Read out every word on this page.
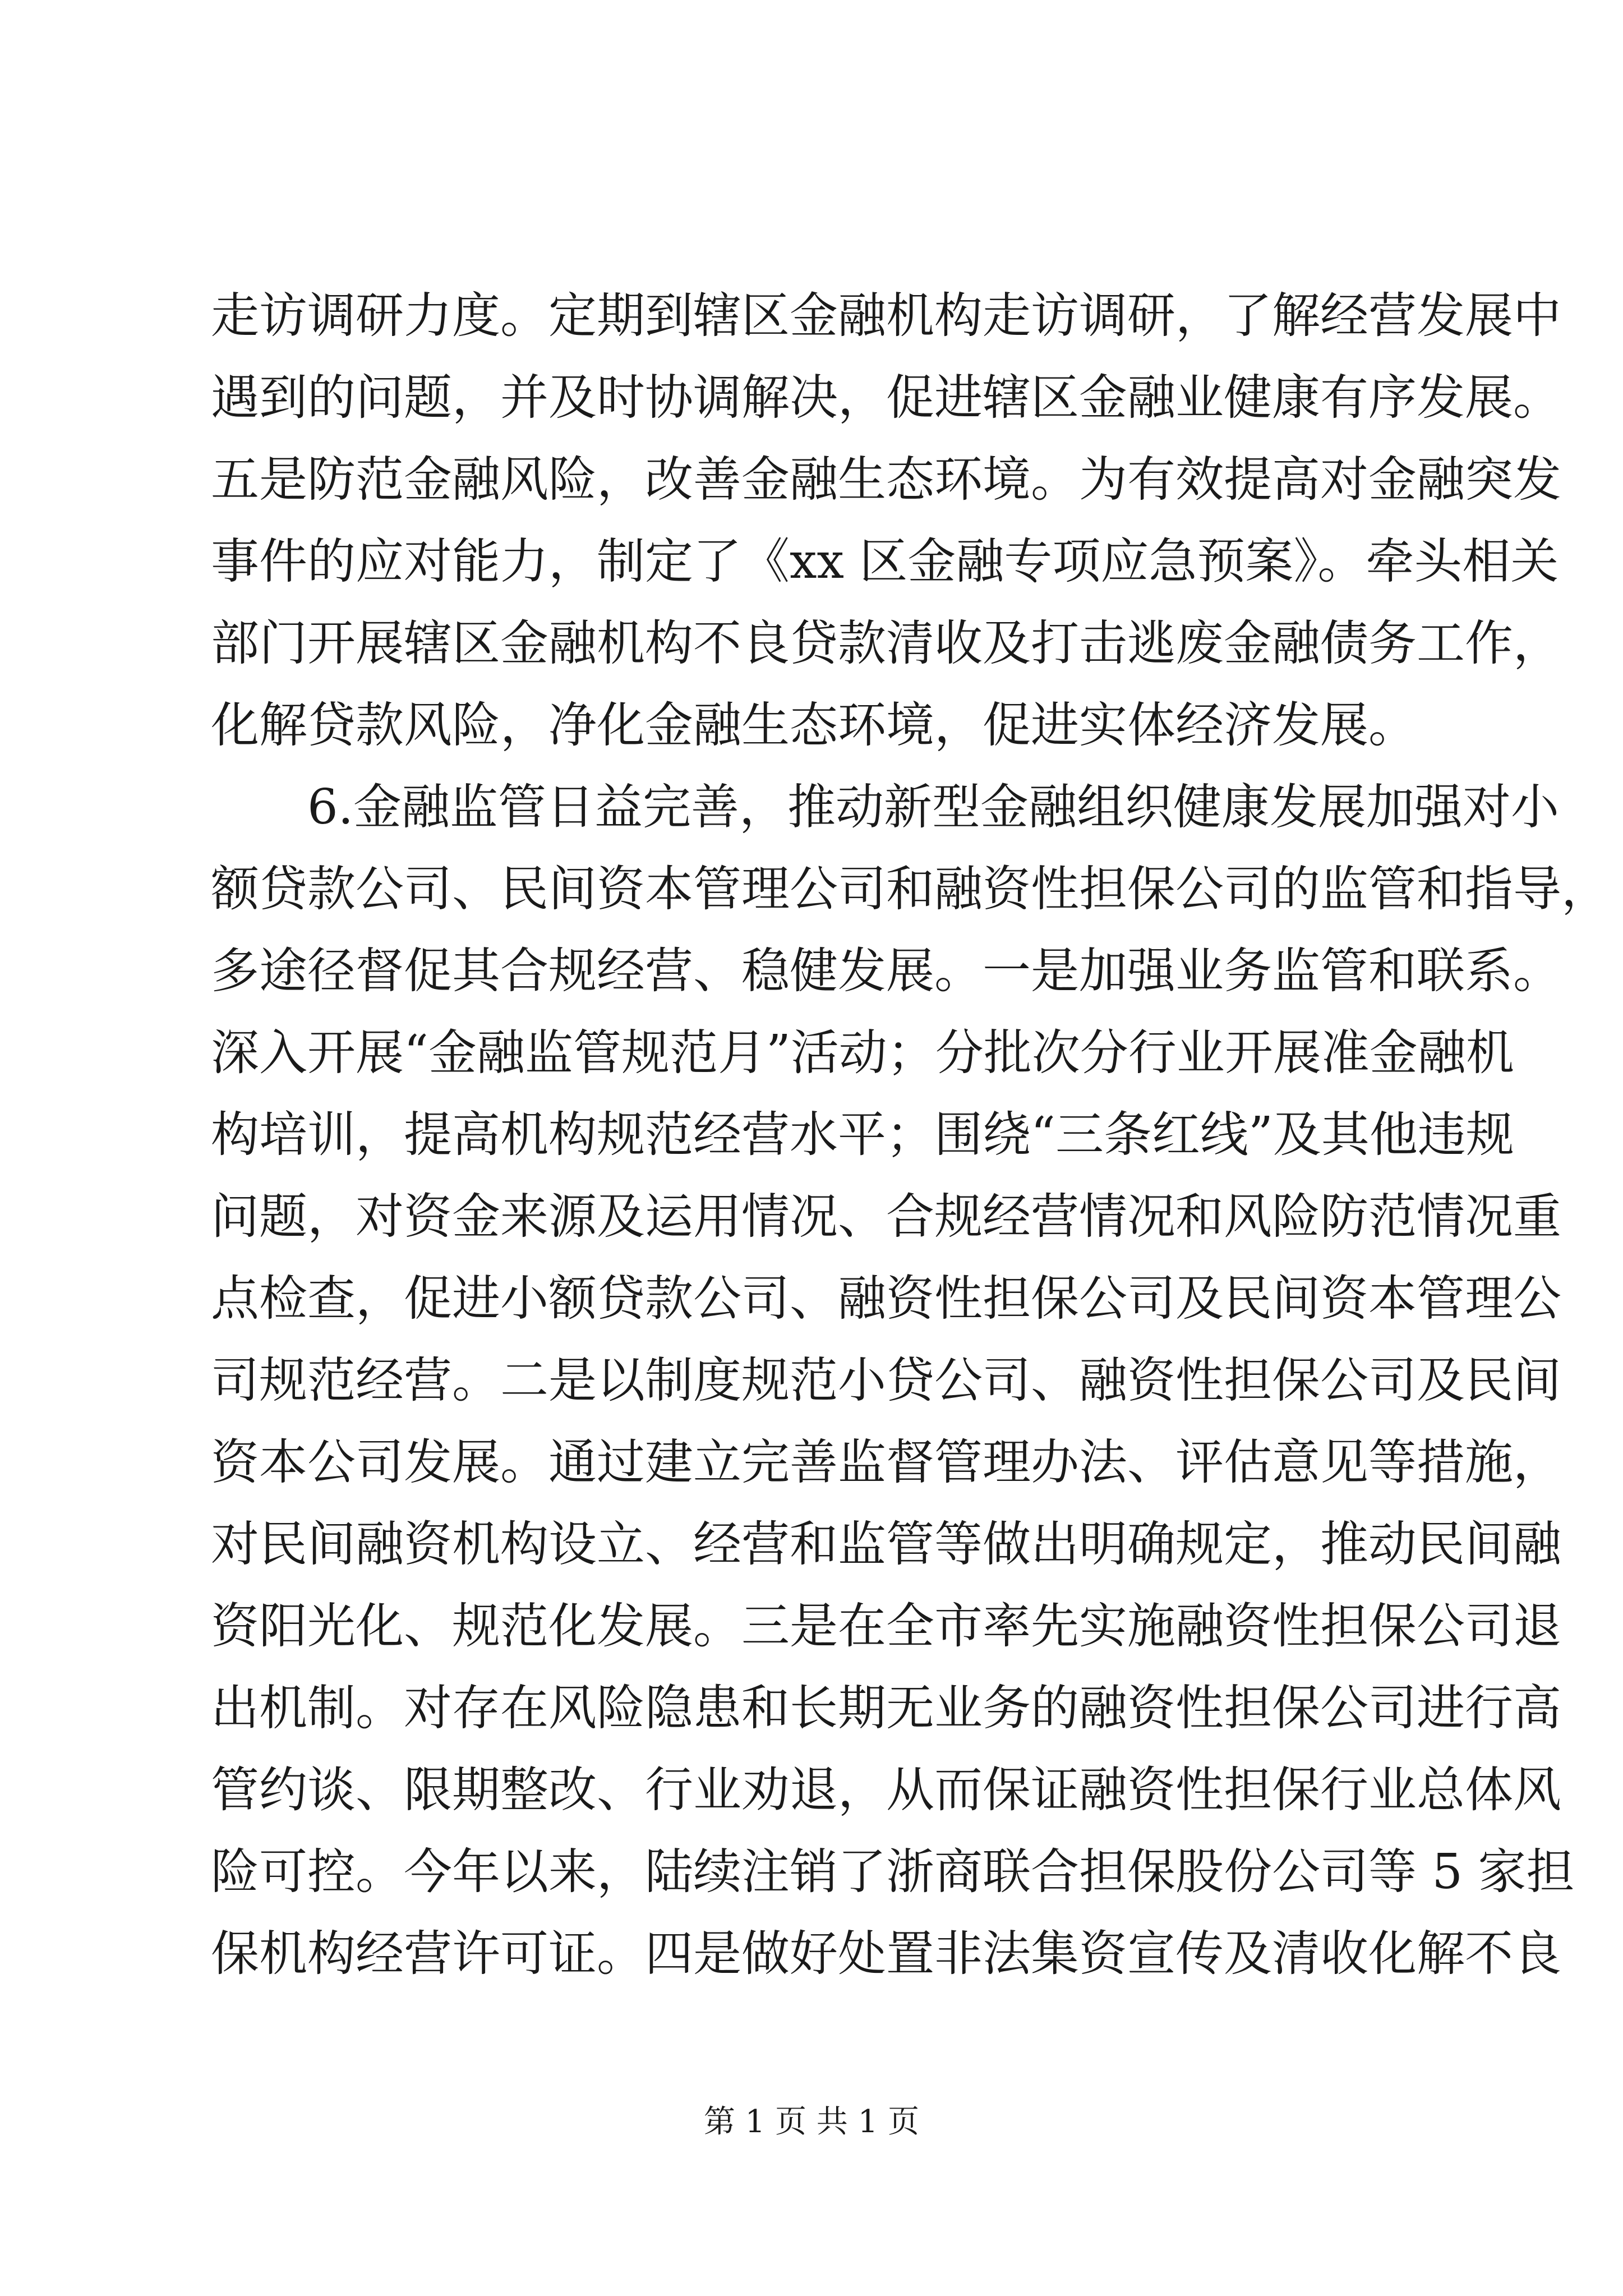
走访调研力度。定期到辖区金融机构走访调研，了解经营发展中
遇到的问题，并及时协调解决，促进辖区金融业健康有序发展。
五是防范金融风险，改善金融生态环境。为有效提高对金融突发
事件的应对能力，制定了《xx 区金融专项应急预案》。牵头相关
部门开展辖区金融机构不良贷款清收及打击逃废金融债务工作，
化解贷款风险，净化金融生态环境，促进实体经济发展。
6.金融监管日益完善，推动新型金融组织健康发展加强对小
额贷款公司、民间资本管理公司和融资性担保公司的监管和指导，
多途径督促其合规经营、稳健发展。一是加强业务监管和联系。
深入开展“金融监管规范月”活动；分批次分行业开展准金融机
构培训，提高机构规范经营水平；围绕“三条红线”及其他违规
问题，对资金来源及运用情况、合规经营情况和风险防范情况重
点检查，促进小额贷款公司、融资性担保公司及民间资本管理公
司规范经营。二是以制度规范小贷公司、融资性担保公司及民间
资本公司发展。通过建立完善监督管理办法、评估意见等措施，
对民间融资机构设立、经营和监管等做出明确规定，推动民间融
资阳光化、规范化发展。三是在全市率先实施融资性担保公司退
出机制。对存在风险隐患和长期无业务的融资性担保公司进行高
管约谈、限期整改、行业劝退，从而保证融资性担保行业总体风
险可控。今年以来，陆续注销了浙商联合担保股份公司等 5 家担
保机构经营许可证。四是做好处置非法集资宣传及清收化解不良
第 1 页 共 1 页
